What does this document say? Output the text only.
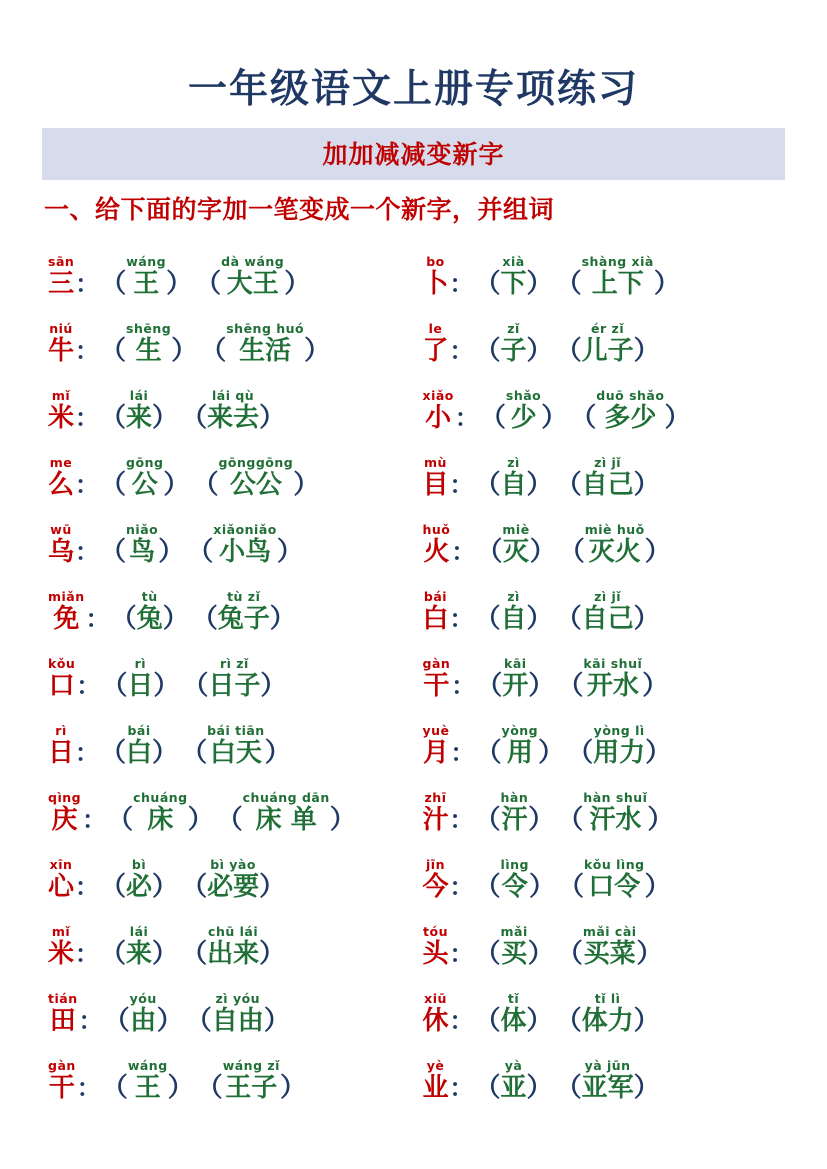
一年级语文上册专项练习
加加减减变新字
一、给下面的字加一笔变成一个新字，并组词
sān
三 ： （
wáng
王 ） （
dà wáng
大王 ）
bo
卜 ： （
xià
下 ） （
shàng xià
上下 ）
niú
牛 ： （
shēng
生 ） （
shēng huó
生活 ）
le
了 ： （
zǐ
子 ） （
ér zǐ
儿子 ）
mǐ
米 ： （
lái
来 ） （
lái qù
来去 ）
xiǎo
小 ： （
shǎo
少 ） （
duō shǎo
多少 ）
me
么 ： （
gōng
公 ） （
gōnggōng
公公 ）
mù
目 ： （
zì
自 ） （
zì jǐ
自己 ）
wū
乌 ： （
niǎo
鸟 ） （
xiǎoniǎo
小鸟 ）
huǒ
火 ： （
miè
灭 ） （
miè huǒ
灭火 ）
miǎn
免 ： （
tù
兔 ） （
tù zǐ
兔子 ）
bái
白 ： （
zì
自 ） （
zì jǐ
自己 ）
kǒu
口 ： （
rì
日 ） （
rì zǐ
日子 ）
gàn
干 ： （
kāi
开 ） （
kāi shuǐ
开水 ）
rì
日 ： （
bái
白 ） （
bái tiān
白天 ）
yuè
月 ： （
yòng
用 ） （
yòng lì
用力 ）
qìng
庆 ： （
chuáng
床 ） （
chuáng dān
床 单 ）
zhī
汁 ： （
hàn
汗 ） （
hàn shuǐ
汗水 ）
xīn
心 ： （
bì
必 ） （
bì yào
必要 ）
jīn
今 ： （
lìng
令 ） （
kǒu lìng
口令 ）
mǐ
米 ： （
lái
来 ） （
chū lái
出来 ）
tóu
头 ： （
mǎi
买 ） （
mǎi cài
买菜 ）
tián
田 ： （
yóu
由 ） （
zì yóu
自由 ）
xiū
休 ： （
tǐ
体 ） （
tǐ lì
体力 ）
gàn
干 ： （
wáng
王 ） （
wáng zǐ
王子 ）
yè
业 ： （
yà
亚 ） （
yà jūn
亚军 ）
